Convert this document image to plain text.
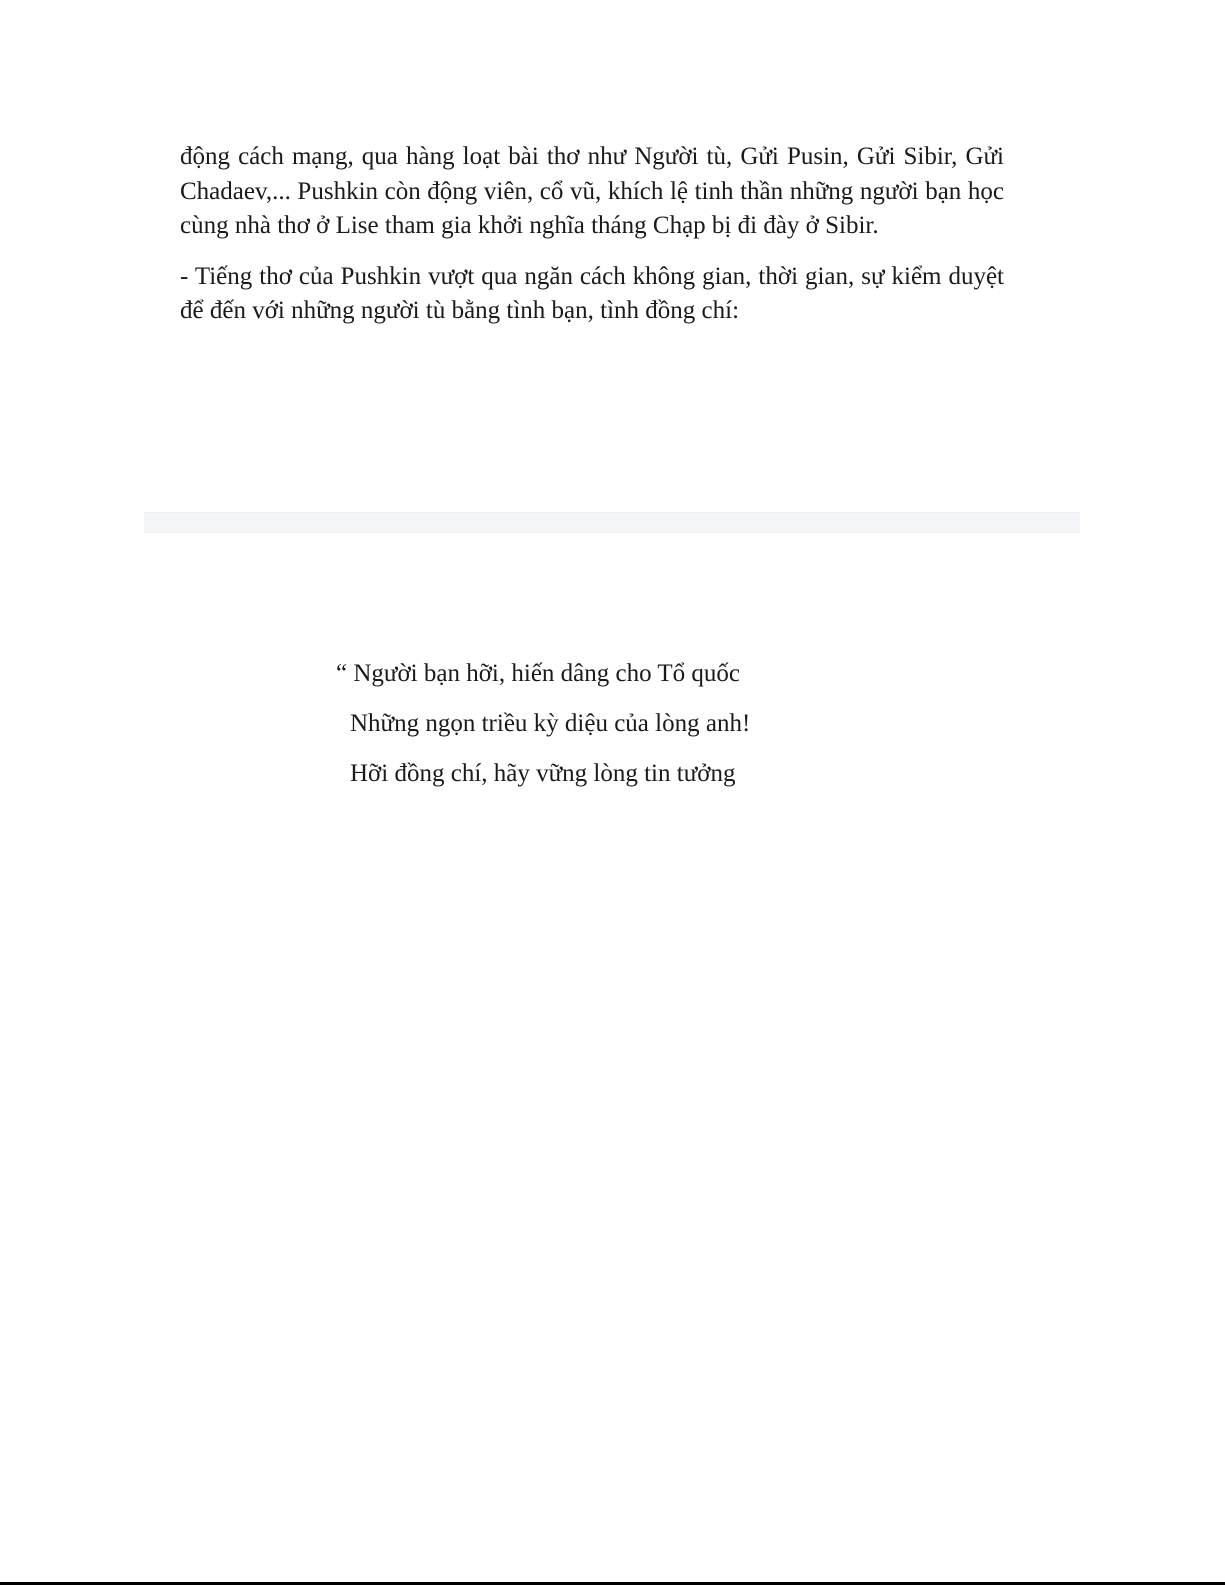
động cách mạng, qua hàng loạt bài thơ như Người tù, Gửi Pusin, Gửi Sibir, Gửi Chadaev,... Pushkin còn động viên, cổ vũ, khích lệ tinh thần những người bạn học cùng nhà thơ ở Lise tham gia khởi nghĩa tháng Chạp bị đi đày ở Sibir.

- Tiếng thơ của Pushkin vượt qua ngăn cách không gian, thời gian, sự kiểm duyệt để đến với những người tù bằng tình bạn, tình đồng chí:

“ Người bạn hỡi, hiến dâng cho Tổ quốc
Những ngọn triều kỳ diệu của lòng anh!
Hỡi đồng chí, hãy vững lòng tin tưởng
